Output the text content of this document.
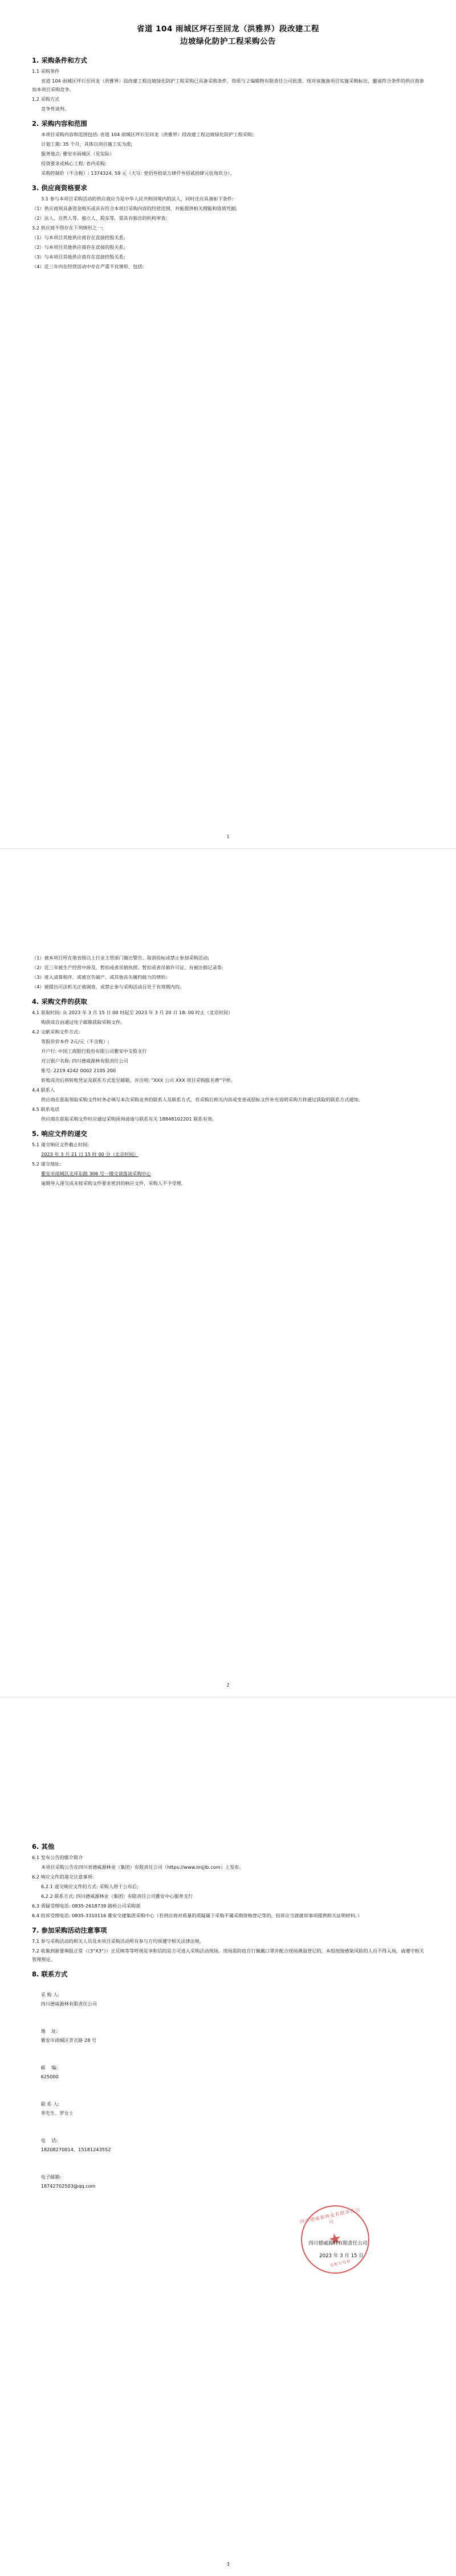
省道 104 雨城区坪石至回龙（洪雅界）段改建工程
边坡绿化防护工程采购公告
1. 采购条件和方式

1.1 采购条件

省道 104 雨城区坪石至回龙（洪雅界）段改建工程边坡绿化防护工程采购已具备采购条件，资质与２编辑物有限责任公司批准，现对该施备项目实施采购标出，邀请符合条件的供应商参加本项目采购竞争。

1.2 采购方式

竞争性谈判。

2. 采购内容和范围

本项目采购内容和范围包括: 省道 104 雨城区坪石至回龙（洪雅界）段改建工程边坡绿化防护工程采购;

计划工期: 35 个月，具体以项目施工实为准;

服务地点: 雅安市雨城区（见实际）

投资要求或核心工程: 省内采购;

采购控制价（不含税）: 1374324, 59 元（大写: 壹佰叁拾柒万肆仟叁佰贰拾肆元伍角玖分）。

3. 供应商资格要求

3.1 参与本项目采购活动的供应商应当是中华人民共和国境内的法人，同时还应具备如下条件:

（1）供应商须具备资金购买或具有符合本项目采购内容的经营范围，并能提供相关理能和资质凭据;

（2）法人、自然人等、独立人、股东等，需具有独自的机构审查;

3.2 供应商不得存在下列情形之一:

（1）与本项目其他供应商存在直接控股关系;

（2）与本项目其他供应商存在直接的股关系;

（3）与本项目其他供应商存在直接控股关系;

（4）近三年内在经营活动中存在严重不良情形、包括:

1

（1）被本项目所在地省级以上行业主管部门做出警告、取消投标或禁止参加采购活动;

（2）近三年被生产经营中涉及，暂扣或者吊销执照、暂扣或者吊销许可证、有被注销记录等;

（3）进入清算程序、或被宣告破产、或其他丧失履约能力的情形;

（4）被提出司法机关正被调查，或禁止参与采购活动且处于有效期内的。

4. 采购文件的获取

4.1 获取时间: 从 2023 年 3 月 15 日 00 时起至 2023 年 3 月 20 日 18: 00 时止（北京时间）

购获成自由通过电子邮箱获取采购文件。

4.2 文献采购文件方式:

等报价价本件 2元/元（不含税）;

开户行: 中国工商银行股份有限公司雅安中支股支行

对公银户名称: 四川德威源林有限责任公司

账号: 2219 4242 0002 2105 200

转账成功后将转账凭证及联系方式发至邮箱，并注明: "XXX 公司 XXX 项目采购报名费"字样。

4.4 联系人

供应商在获取领取采购文件时务必填写本次采购业务的联系人及联系方式，若采购后相关内容或变更或招标文件补充说明采购方将通过获取的联系方式通知。

4.5 联系电话

供应商在获取采购文件时应通过采购函询请请与联系有关 18848102201 联系有效。

5. 响应文件的递交

5.1 递交响应文件截止时间:

2023 年 3 月 21 日 15 时 00 分（北京时间）

5.2 递交地址:

雅安市雨城区北环东路 306 号一楼交谈落谈采购中心

逾期导入递交或未按采购文件要求密封的响应文件，采购人不予受理。

2
6. 其他

6.1 发布公告的媒介简介

本项目采购公告在四川省德威源林业（集团）有限责任公司（https://www.lmjjlb.com）上发布。

6.2 响应文件的递交注意事项:

6.2.1 递交响应文件的方式: 采购人将于公布后;

6.2.2 联系方式: 四川德威源林业（集团）有限责任公司雅安中心服务支行

6.3 质疑受理电话: 0835-2618739 路桥公司采购部

6.4 投诉受理电话: 0835-3310116 雅安交建集团采购中心（若供应商对质量的质疑属于采购不属采购资格登记等的，投诉应当就就诉事项提供相关证明材料。）

7. 参加采购活动注意事项

7.1 参与采购活动的相关人员及本项目采购活动所有参与方均须遵守相关法律法规。

7.2 收集到新要填报正常（《3°X3°》）正反映等等呼现是享和信的是方可进入采购活动现场。现场需防疫自行佩戴口罩并配合现场测温登记的，本组按接感染风险的人员不得入场，请遵守相关管理规定。

8. 联系方式

采 购 人:
四川德威源林有限责任公司

地    址:
雅安市雨城区青衣路 28 号

邮    编:
625000

联 系 人:
李先生、罗女士

电    话:
18208270014、15181243552

电子邮箱:
18742702503@qq.com

四川德威源林业有限责任公司
★
采购专用章
四川德威源林有限责任公司
2023 年 3 月 15 日
3
